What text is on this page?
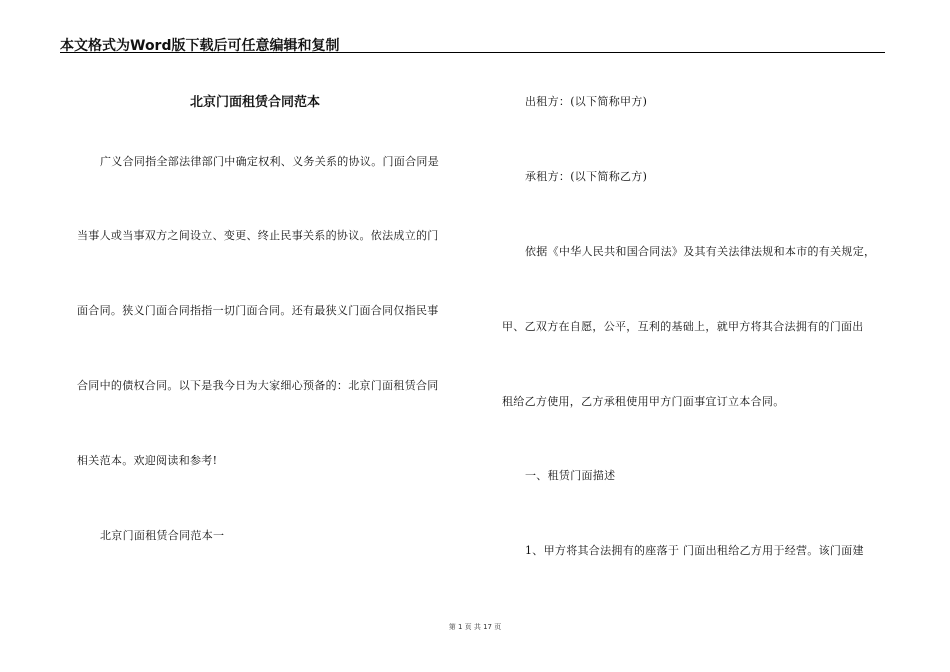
本文格式为Word版下载后可任意编辑和复制
北京门面租赁合同范本
广义合同指全部法律部门中确定权利、义务关系的协议。门面合同是
当事人或当事双方之间设立、变更、终止民事关系的协议。依法成立的门
面合同。狭义门面合同指指一切门面合同。还有最狭义门面合同仅指民事
合同中的债权合同。以下是我今日为大家细心预备的：北京门面租赁合同
相关范本。欢迎阅读和参考!
北京门面租赁合同范本一
出租方：(以下简称甲方)
承租方：(以下简称乙方)
依据《中华人民共和国合同法》及其有关法律法规和本市的有关规定，
甲、乙双方在自愿，公平，互利的基础上，就甲方将其合法拥有的门面出
租给乙方使用，乙方承租使用甲方门面事宜订立本合同。
一、租赁门面描述
1、甲方将其合法拥有的座落于 门面出租给乙方用于经营。该门面建
第 1 页 共 17 页
